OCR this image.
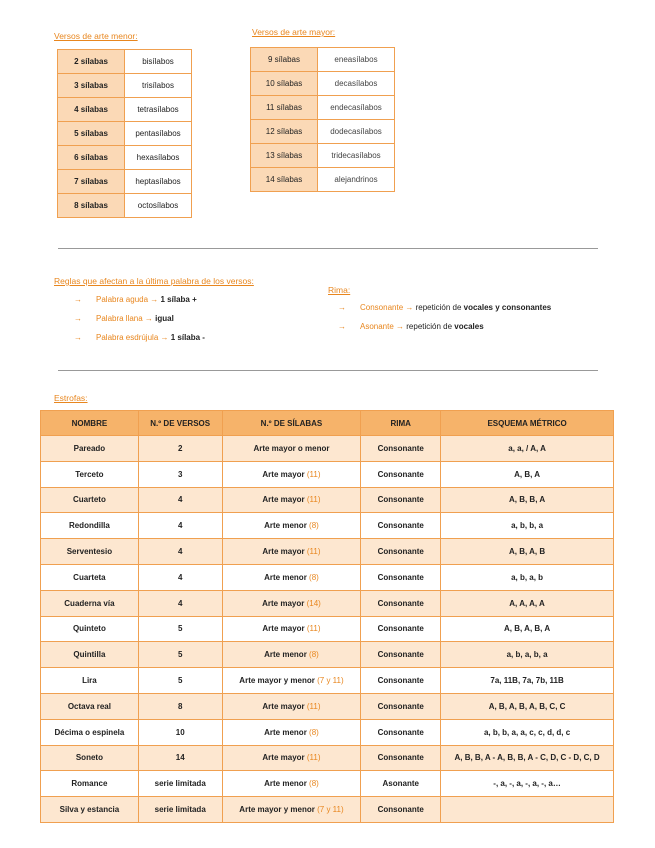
Versos de arte menor:
2 sílabas	bisílabos
3 sílabas	trisílabos
4 sílabas	tetrasílabos
5 sílabas	pentasílabos
6 sílabas	hexasílabos
7 sílabas	heptasílabos
8 sílabas	octosílabos
Versos de arte mayor:
9 sílabas	eneasílabos
10 sílabas	decasílabos
11 sílabas	endecasílabos
12 sílabas	dodecasílabos
13 sílabas	tridecasílabos
14 sílabas	alejandrinos
Reglas que afectan a la última palabra de los versos:
→ Palabra aguda → 1 sílaba +
→ Palabra llana → igual
→ Palabra esdrújula → 1 sílaba -
Rima:
→ Consonante → repetición de vocales y consonantes
→ Asonante → repetición de vocales
Estrofas:
NOMBRE	N.º DE VERSOS	N.º DE SÍLABAS	RIMA	ESQUEMA MÉTRICO
Pareado	2	Arte mayor o menor	Consonante	a, a, / A, A
Terceto	3	Arte mayor (11)	Consonante	A, B, A
Cuarteto	4	Arte mayor (11)	Consonante	A, B, B, A
Redondilla	4	Arte menor (8)	Consonante	a, b, b, a
Serventesio	4	Arte mayor (11)	Consonante	A, B, A, B
Cuarteta	4	Arte menor (8)	Consonante	a, b, a, b
Cuaderna vía	4	Arte mayor (14)	Consonante	A, A, A, A
Quinteto	5	Arte mayor (11)	Consonante	A, B, A, B, A
Quintilla	5	Arte menor (8)	Consonante	a, b, a, b, a
Lira	5	Arte mayor y menor (7 y 11)	Consonante	7a, 11B, 7a, 7b, 11B
Octava real	8	Arte mayor (11)	Consonante	A, B, A, B, A, B, C, C
Décima o espinela	10	Arte menor (8)	Consonante	a, b, b, a, a, c, c, d, d, c
Soneto	14	Arte mayor (11)	Consonante	A, B, B, A - A, B, B, A - C, D, C - D, C, D
Romance	serie limitada	Arte menor (8)	Asonante	-, a, -, a, -, a, -, a…
Silva y estancia	serie limitada	Arte mayor y menor (7 y 11)	Consonante	
